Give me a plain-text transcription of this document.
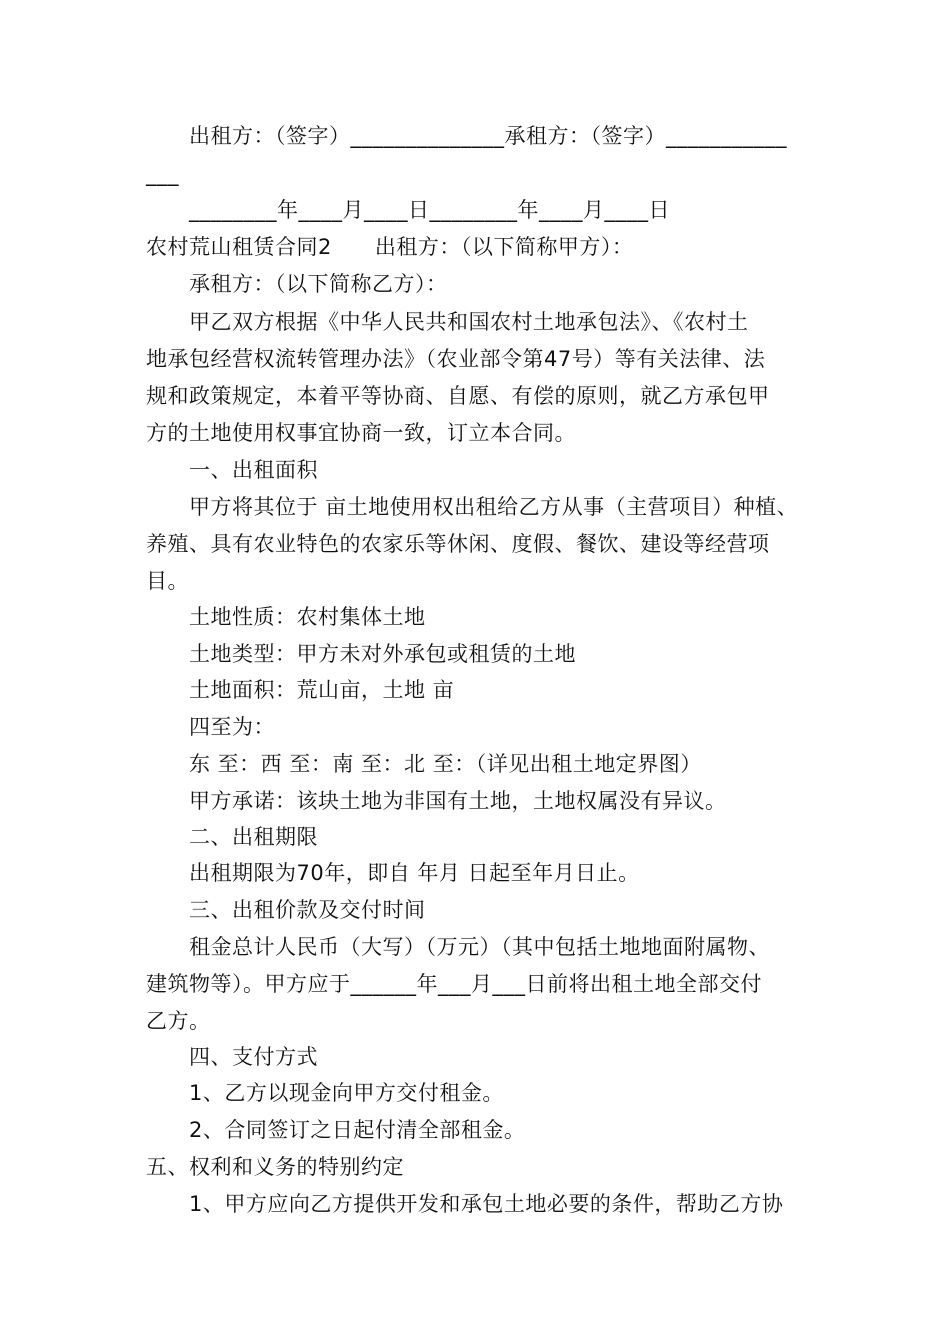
出租方：（签字）______________承租方：（签字）___________
___
________年____月____日________年____月____日
农村荒山租赁合同2　　出租方：（以下简称甲方）：
承租方：（以下简称乙方）：
甲乙双方根据《中华人民共和国农村土地承包法》、《农村土
地承包经营权流转管理办法》（农业部令第47号）等有关法律、法
规和政策规定，本着平等协商、自愿、有偿的原则，就乙方承包甲
方的土地使用权事宜协商一致，订立本合同。
一、出租面积
甲方将其位于 亩土地使用权出租给乙方从事（主营项目）种植、
养殖、具有农业特色的农家乐等休闲、度假、餐饮、建设等经营项
目。
土地性质：农村集体土地
土地类型：甲方未对外承包或租赁的土地
土地面积：荒山亩，土地 亩
四至为：
东 至：西 至：南 至：北 至：（详见出租土地定界图）
甲方承诺：该块土地为非国有土地，土地权属没有异议。
二、出租期限
出租期限为70年，即自 年月 日起至年月日止。
三、出租价款及交付时间
租金总计人民币（大写）（万元）（其中包括土地地面附属物、
建筑物等）。甲方应于______年___月___日前将出租土地全部交付
乙方。
四、支付方式
1、乙方以现金向甲方交付租金。
2、合同签订之日起付清全部租金。
五、权利和义务的特别约定
1、甲方应向乙方提供开发和承包土地必要的条件，帮助乙方协
